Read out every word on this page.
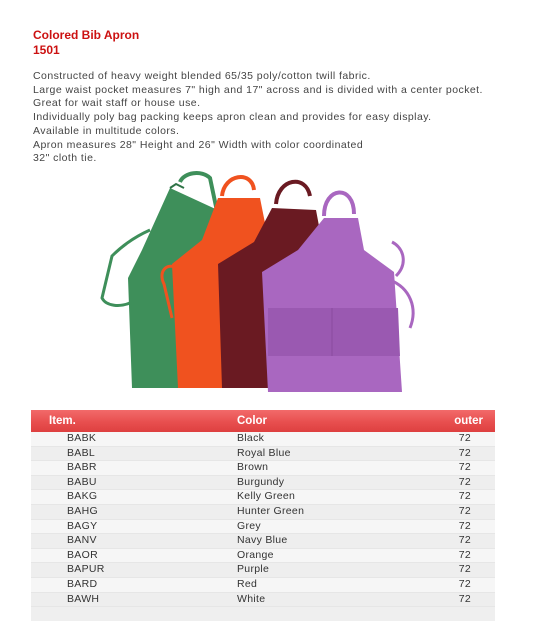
Colored Bib Apron

1501

Constructed of heavy weight blended 65/35 poly/cotton twill fabric.
Large waist pocket measures 7" high and 17" across and is divided with a center pocket.
Great for wait staff or house use.
Individually poly bag packing keeps apron clean and provides for easy display.
Available in multitude colors.
Apron measures 28" Height and 26" Width with color coordinated
32" cloth tie.
Item.	Color	outer
BABK	Black	72
BABL	Royal Blue	72
BABR	Brown	72
BABU	Burgundy	72
BAKG	Kelly Green	72
BAHG	Hunter Green	72
BAGY	Grey	72
BANV	Navy Blue	72
BAOR	Orange	72
BAPUR	Purple	72
BARD	Red	72
BAWH	White	72
